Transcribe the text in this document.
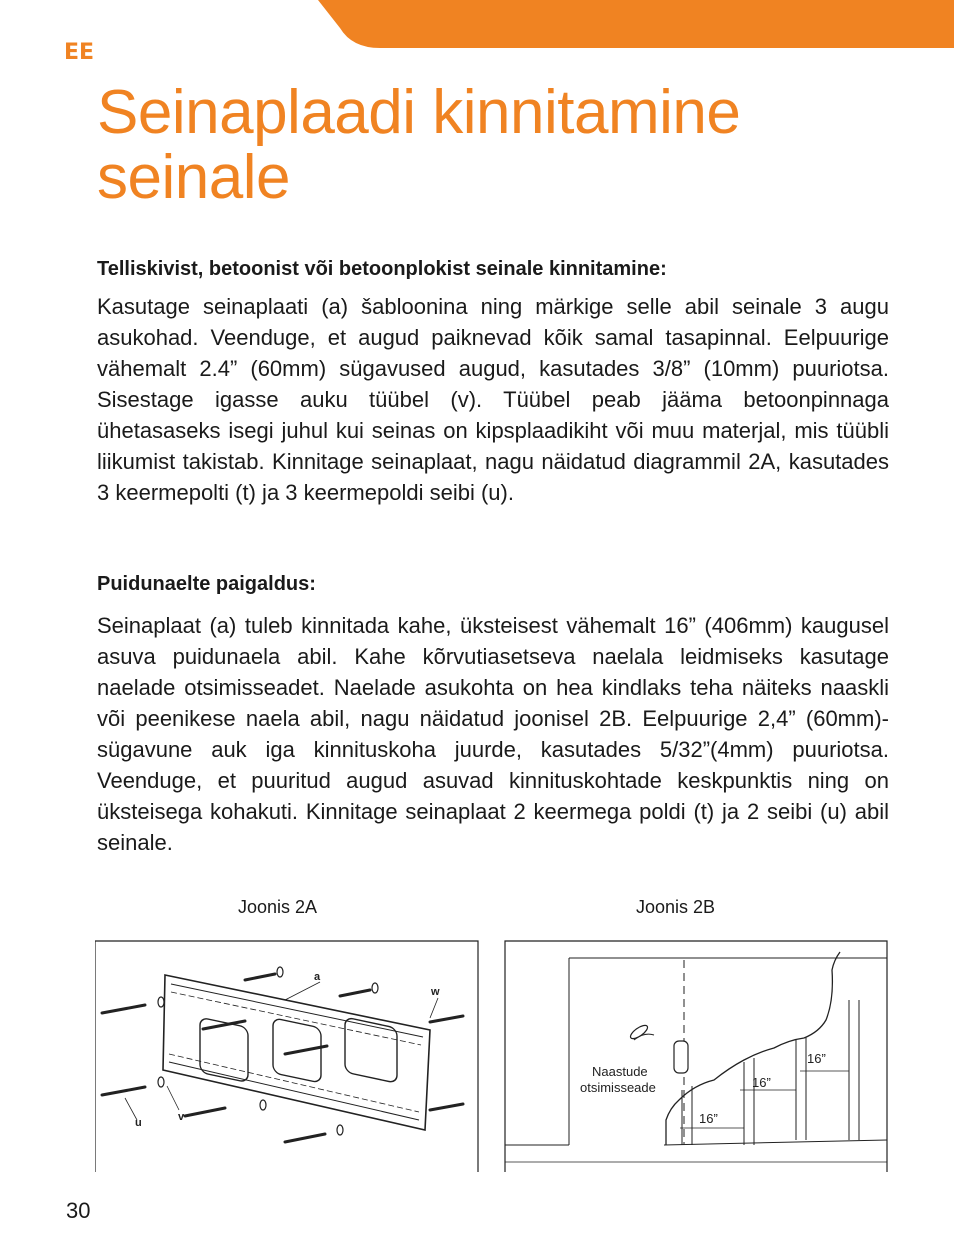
EE
Seinaplaadi kinnitamine seinale
Telliskivist, betoonist või betoonplokist seinale kinnitamine:

Kasutage seinaplaati (a) šabloonina ning märkige selle abil seinale 3 augu asukohad. Veenduge, et augud paiknevad kõik samal tasapinnal. Eelpuurige vähemalt 2.4” (60mm) sügavused augud, kasutades 3/8” (10mm) puuriotsa. Sisestage igasse auku tüübel (v). Tüübel peab jääma betoonpinnaga ühetasaseks isegi juhul kui seinas on kipsplaadikiht või muu materjal, mis tüübli liikumist takistab. Kinnitage seinaplaat, nagu näidatud diagrammil 2A, kasutades 3 keermepolti (t) ja 3 keermepoldi seibi (u).

Puidunaelte paigaldus:

Seinaplaat (a) tuleb kinnitada kahe, üksteisest vähemalt 16” (406mm) kaugusel asuva puidunaela abil. Kahe kõrvutiasetseva naelala leidmiseks kasutage naelade otsimisseadet. Naelade asukohta on hea kindlaks teha näiteks naaskli või peenikese naela abil, nagu näidatud joonisel 2B. Eelpuurige 2,4” (60mm)-sügavune auk iga kinnituskoha juurde, kasutades 5/32”(4mm) puuriotsa. Veenduge, et puuritud augud asuvad kinnituskohtade keskpunktis ning on üksteisega kohakuti. Kinnitage seinaplaat 2 keermega poldi (t) ja 2 seibi (u) abil seinale.

Joonis 2A	Joonis 2B
a
w
u	v
Naastude
otsimisseade
16”
16”
16”
30
